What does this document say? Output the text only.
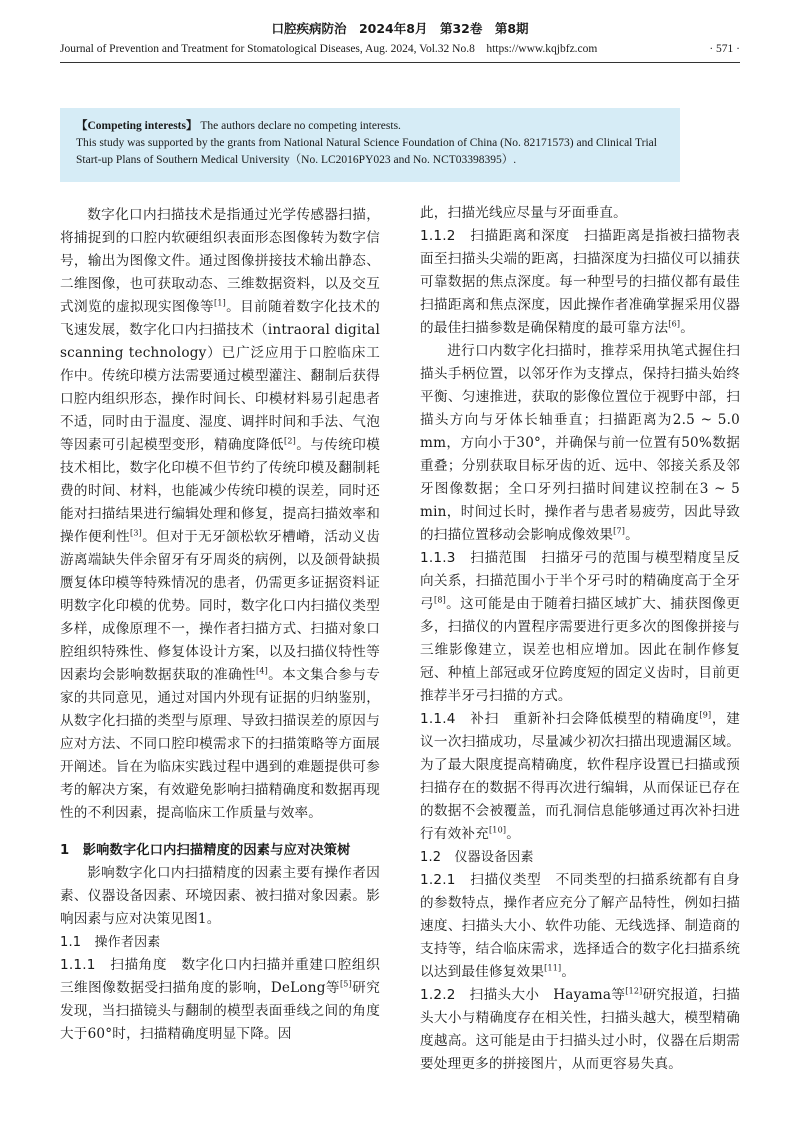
口腔疾病防治　2024年8月　第32卷　第8期
Journal of Prevention and Treatment for Stomatological Diseases, Aug. 2024, Vol.32 No.8　https://www.kqjbfz.com	· 571 ·
【Competing interests】 The authors declare no competing interests.
This study was supported by the grants from National Natural Science Foundation of China (No. 82171573) and Clinical Trial Start-up Plans of Southern Medical University（No. LC2016PY023 and No. NCT03398395）.

数字化口内扫描技术是指通过光学传感器扫描，将捕捉到的口腔内软硬组织表面形态图像转为数字信号，输出为图像文件。通过图像拼接技术输出静态、二维图像，也可获取动态、三维数据资料，以及交互式浏览的虚拟现实图像等[1]。目前随着数字化技术的飞速发展，数字化口内扫描技术（intraoral digital scanning technology）已广泛应用于口腔临床工作中。传统印模方法需要通过模型灌注、翻制后获得口腔内组织形态，操作时间长、印模材料易引起患者不适，同时由于温度、湿度、调拌时间和手法、气泡等因素可引起模型变形，精确度降低[2]。与传统印模技术相比，数字化印模不但节约了传统印模及翻制耗费的时间、材料，也能减少传统印模的误差，同时还能对扫描结果进行编辑处理和修复，提高扫描效率和操作便利性[3]。但对于无牙颌松软牙槽嵴，活动义齿游离端缺失伴余留牙有牙周炎的病例，以及颌骨缺损赝复体印模等特殊情况的患者，仍需更多证据资料证明数字化印模的优势。同时，数字化口内扫描仪类型多样，成像原理不一，操作者扫描方式、扫描对象口腔组织特殊性、修复体设计方案，以及扫描仪特性等因素均会影响数据获取的准确性[4]。本文集合参与专家的共同意见，通过对国内外现有证据的归纳鉴别，从数字化扫描的类型与原理、导致扫描误差的原因与应对方法、不同口腔印模需求下的扫描策略等方面展开阐述。旨在为临床实践过程中遇到的难题提供可参考的解决方案，有效避免影响扫描精确度和数据再现性的不利因素，提高临床工作质量与效率。

1　影响数字化口内扫描精度的因素与应对决策树

影响数字化口内扫描精度的因素主要有操作者因素、仪器设备因素、环境因素、被扫描对象因素。影响因素与应对决策见图1。

1.1　操作者因素

1.1.1　扫描角度　 数字化口内扫描并重建口腔组织三维图像数据受扫描角度的影响，DeLong等[5]研究发现，当扫描镜头与翻制的模型表面垂线之间的角度大于60°时，扫描精确度明显下降。因

此，扫描光线应尽量与牙面垂直。

1.1.2　扫描距离和深度　 扫描距离是指被扫描物表面至扫描头尖端的距离，扫描深度为扫描仪可以捕获可靠数据的焦点深度。每一种型号的扫描仪都有最佳扫描距离和焦点深度，因此操作者准确掌握采用仪器的最佳扫描参数是确保精度的最可靠方法[6]。

进行口内数字化扫描时，推荐采用执笔式握住扫描头手柄位置，以邻牙作为支撑点，保持扫描头始终平衡、匀速推进，获取的影像位置位于视野中部，扫描头方向与牙体长轴垂直；扫描距离为2.5 ~ 5.0 mm，方向小于30°，并确保与前一位置有50%数据重叠；分别获取目标牙齿的近、远中、邻接关系及邻牙图像数据；全口牙列扫描时间建议控制在3 ~ 5 min，时间过长时，操作者与患者易疲劳，因此导致的扫描位置移动会影响成像效果[7]。

1.1.3　扫描范围　 扫描牙弓的范围与模型精度呈反向关系，扫描范围小于半个牙弓时的精确度高于全牙弓[8]。这可能是由于随着扫描区域扩大、捕获图像更多，扫描仪的内置程序需要进行更多次的图像拼接与三维影像建立，误差也相应增加。因此在制作修复冠、种植上部冠或牙位跨度短的固定义齿时，目前更推荐半牙弓扫描的方式。

1.1.4　补扫　 重新补扫会降低模型的精确度[9]，建议一次扫描成功，尽量减少初次扫描出现遗漏区域。为了最大限度提高精确度，软件程序设置已扫描或预扫描存在的数据不得再次进行编辑，从而保证已存在的数据不会被覆盖，而孔洞信息能够通过再次补扫进行有效补充[10]。

1.2　仪器设备因素

1.2.1　扫描仪类型　 不同类型的扫描系统都有自身的参数特点，操作者应充分了解产品特性，例如扫描速度、扫描头大小、软件功能、无线选择、制造商的支持等，结合临床需求，选择适合的数字化扫描系统以达到最佳修复效果[11]。

1.2.2　扫描头大小　 Hayama等[12]研究报道，扫描头大小与精确度存在相关性，扫描头越大，模型精确度越高。这可能是由于扫描头过小时，仪器在后期需要处理更多的拼接图片，从而更容易失真。
